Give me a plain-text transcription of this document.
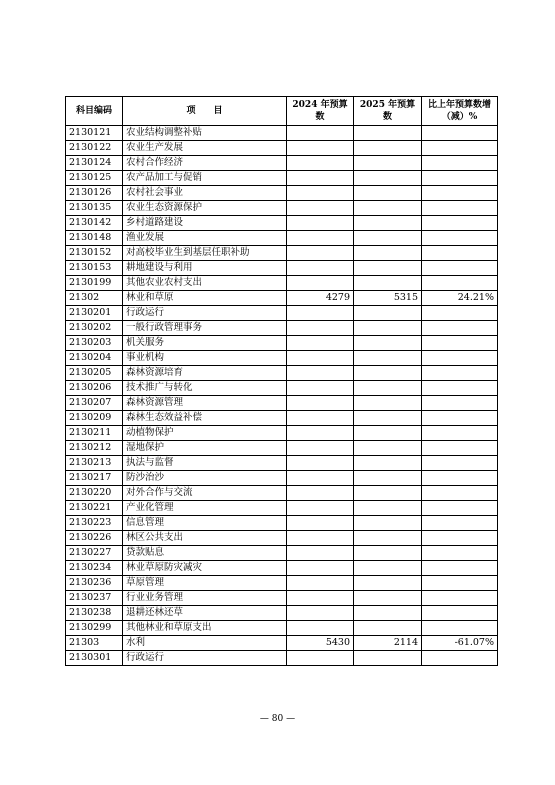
科目编码	项　　目	2024 年预算数	2025 年预算数	比上年预算数增（减）%
2130121	农业结构调整补贴			
2130122	农业生产发展			
2130124	农村合作经济			
2130125	农产品加工与促销			
2130126	农村社会事业			
2130135	农业生态资源保护			
2130142	乡村道路建设			
2130148	渔业发展			
2130152	对高校毕业生到基层任职补助			
2130153	耕地建设与利用			
2130199	其他农业农村支出			
21302	林业和草原	4279	5315	24.21%
2130201	行政运行			
2130202	一般行政管理事务			
2130203	机关服务			
2130204	事业机构			
2130205	森林资源培育			
2130206	技术推广与转化			
2130207	森林资源管理			
2130209	森林生态效益补偿			
2130211	动植物保护			
2130212	湿地保护			
2130213	执法与监督			
2130217	防沙治沙			
2130220	对外合作与交流			
2130221	产业化管理			
2130223	信息管理			
2130226	林区公共支出			
2130227	贷款贴息			
2130234	林业草原防灾减灾			
2130236	草原管理			
2130237	行业业务管理			
2130238	退耕还林还草			
2130299	其他林业和草原支出			
21303	水利	5430	2114	-61.07%
2130301	行政运行			
— 80 —
